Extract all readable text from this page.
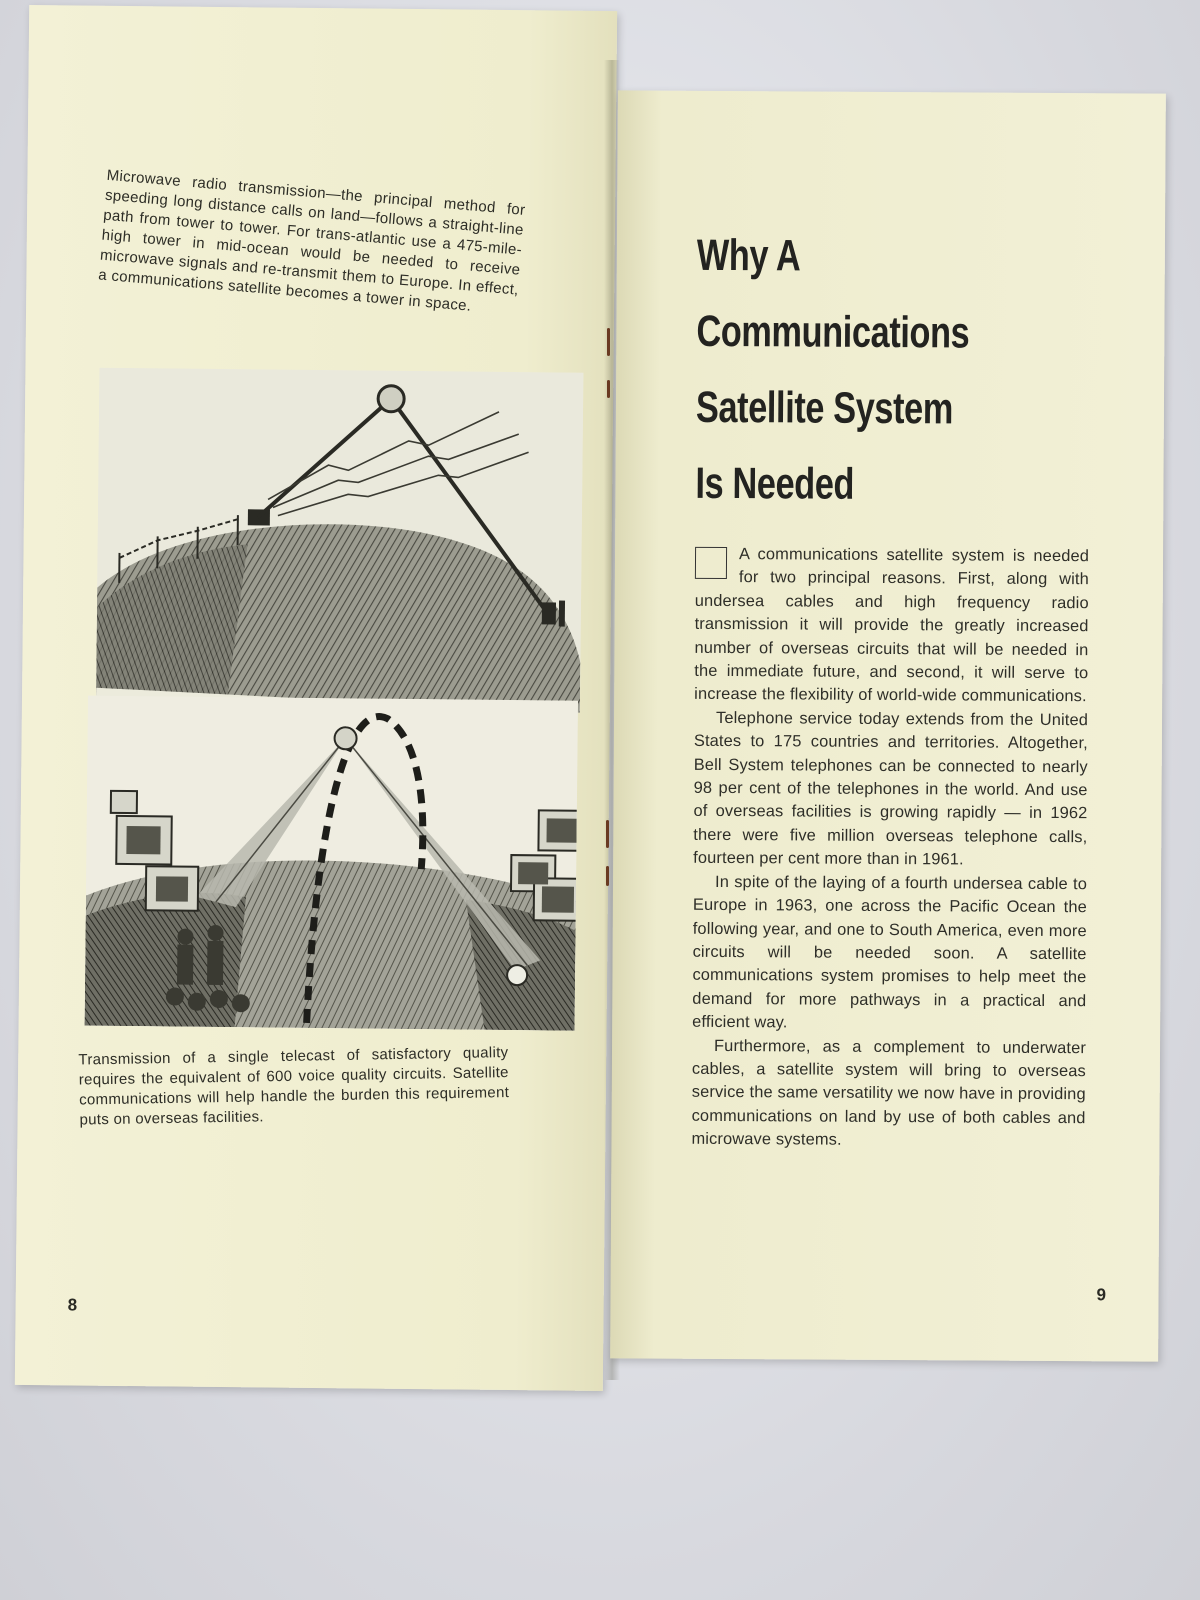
Microwave radio transmission—the principal method for speeding long distance calls on land—follows a straight-line path from tower to tower. For trans-atlantic use a 475-mile-high tower in mid-ocean would be needed to receive microwave signals and re-transmit them to Europe. In effect, a communications satellite becomes a tower in space.
Transmission of a single telecast of satisfactory quality requires the equivalent of 600 voice quality circuits. Satellite communications will help handle the burden this requirement puts on overseas facilities.
8
Why A
Communications
Satellite System
Is Needed

A communications satellite system is needed for two principal reasons. First, along with undersea cables and high frequency radio transmission it will provide the greatly increased number of overseas circuits that will be needed in the immediate future, and second, it will serve to increase the flexibility of world-wide communications.

Telephone service today extends from the United States to 175 countries and territories. Altogether, Bell System telephones can be connected to nearly 98 per cent of the telephones in the world. And use of overseas facilities is growing rapidly — in 1962 there were five million overseas telephone calls, fourteen per cent more than in 1961.

In spite of the laying of a fourth undersea cable to Europe in 1963, one across the Pacific Ocean the following year, and one to South America, even more circuits will be needed soon. A satellite communications system promises to help meet the demand for more pathways in a practical and efficient way.

Furthermore, as a complement to underwater cables, a satellite system will bring to overseas service the same versatility we now have in providing communications on land by use of both cables and microwave systems.

9
